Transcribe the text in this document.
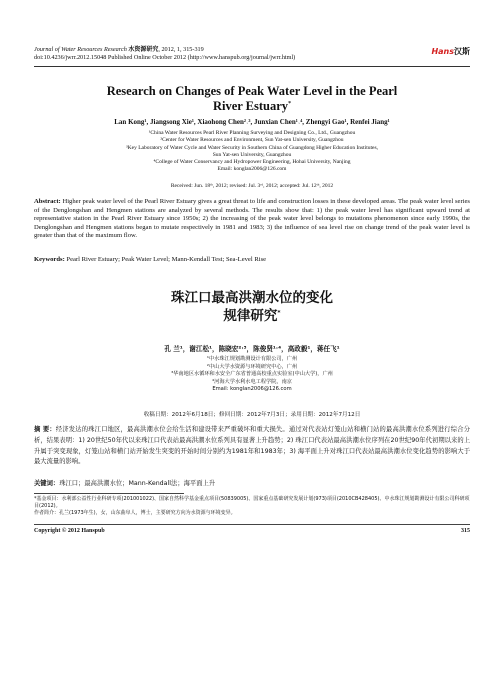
Journal of Water Resources Research 水资源研究, 2012, 1, 315-319
doi:10.4236/jwrr.2012.15048 Published Online October 2012 (http://www.hanspub.org/journal/jwrr.html)
Hans汉斯
Research on Changes of Peak Water Level in the Pearl
River Estuary*
Lan Kong¹, Jiangsong Xie¹, Xiaohong Chen²˒³, Junxian Chen¹˒⁴, Zhengyi Gao¹, Renfei Jiang¹
¹China Water Resources Pearl River Planning Surveying and Designing Co., Ltd., Guangzhou
²Center for Water Resources and Environment, Sun Yat-sen University, Guangzhou
³Key Laboratory of Water Cycle and Water Security in Southern China of Guangdong Higher Education Institutes,
Sun Yat-sen University, Guangzhou
⁴College of Water Conservancy and Hydropower Engineering, Hohai University, Nanjing
Email: konglan2006@126.com
Received: Jun. 18ᵗʰ, 2012; revised: Jul. 3ʳᵈ, 2012; accepted: Jul. 12ᵗʰ, 2012
Abstract: Higher peak water level of the Pearl River Estuary gives a great threat to life and construction losses in these developed areas. The peak water level series of the Denglongshan and Hengmen stations are analyzed by several methods. The results show that: 1) the peak water level has significant upward trend at representative station in the Pearl River Estuary since 1950s; 2) the increasing of the peak water level belongs to mutations phenomenon since early 1990s, the Denglongshan and Hengmen stations began to mutate respectively in 1981 and 1983; 3) the influence of sea level rise on change trend of the peak water level is greater than that of the maximum flow.
Keywords: Pearl River Estuary; Peak Water Level; Mann-Kendall Test; Sea-Level Rise
珠江口最高洪潮水位的变化
规律研究*
孔 兰¹，谢江松¹，陈晓宏²˒³，陈俊贤¹˒⁴，高政毅¹，蒋任飞¹
¹中水珠江规划勘测设计有限公司，广州
²中山大学水资源与环境研究中心，广州
³华南地区水循环和水安全广东省普通高校重点实验室(中山大学)，广州
⁴河海大学水利水电工程学院，南京
Email: konglan2006@126.com
收稿日期：2012年6月18日；修回日期：2012年7月3日；录用日期：2012年7月12日
摘 要：经济发达的珠江口地区，最高洪潮水位会给生活和建设带来严重破坏和重大损失。通过对代表站灯笼山站和横门站的最高洪潮水位系列进行综合分析，结果表明：1) 20世纪50年代以来珠江口代表站最高洪潮水位系列具有显著上升趋势；2) 珠江口代表站最高洪潮水位序列在20世纪90年代初期以来的上升属于突变现象，灯笼山站和横门站开始发生突变的开始时间分别约为1981年和1983年；3) 海平面上升对珠江口代表站最高洪潮水位变化趋势的影响大于最大流量的影响。
关键词：珠江口；最高洪潮水位；Mann-Kendall法；海平面上升
*基金项目：水利部公益性行业科研专项(201001022)、国家自然科学基金重点项目(50839005)、国家重点基础研究发展计划(973)项目(2010CB428405)、中水珠江规划勘测设计有限公司科研项目(2012)。
作者简介：孔兰(1973年生)，女，山东曲阜人，博士，主要研究方向为水资源与环境变异。
Copyright © 2012 Hanspub	315
